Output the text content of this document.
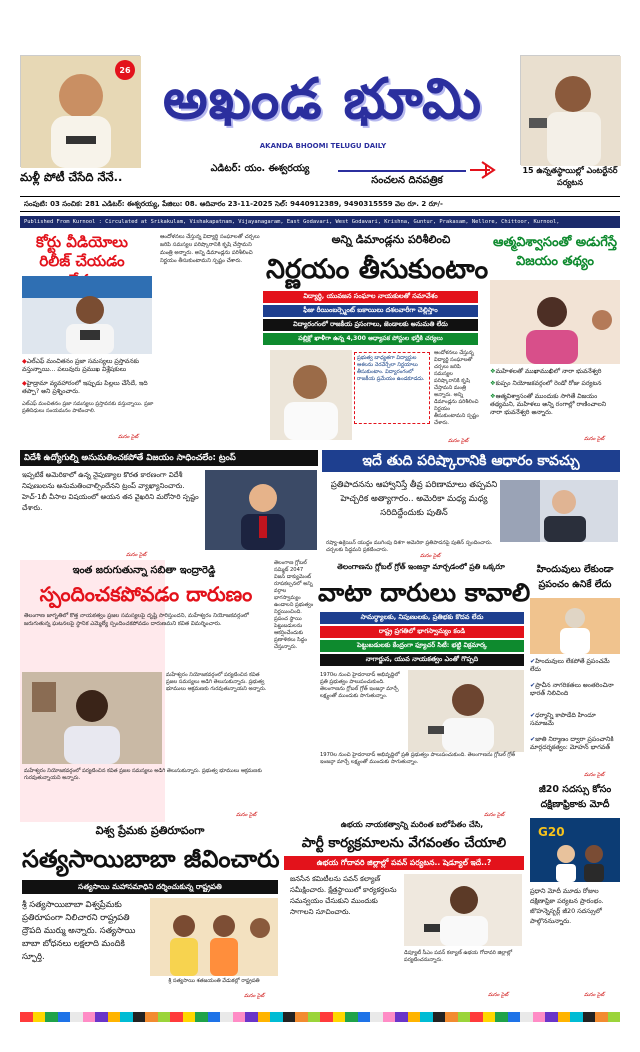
26
మళ్లీ పోటీ చేసేది నేనే..
అఖండ భూమి
AKANDA BHOOMI TELUGU DAILY
ఎడిటర్: యం. ఈశ్వరయ్య
సంచలన దినపత్రిక
15 ఉన్నతస్థాయిల్లో ఎంటర్టేనర్ పర్యటన
సంపుటి: 03 సంచిక: 281 ఎడిటర్: ఈశ్వరయ్య, పేజిలు: 08. ఆదివారం 23-11-2025 సెల్: 9440912389, 9490315559 వెల రూ. 2 రూ/-
Published From Kurnool : Circulated at Srikakulam, Vishakapatnam, Vijayanagaram, East Godavari, West Godavari, Krishna, Guntur, Prakasam, Nellore, Chittoor, Kurnool,
కోర్టు వీడియోలు రిలీజ్ చేయడం
◆ఎల్ఎఫ్ మంచితనం ప్రజా సమస్యలు ప్రస్తావనకు వస్తున్నాయి... పలువురు ప్రముఖ విశ్లేషకులు
◆హైడ్రామా వ్యవహారంలో ఇప్పుడు పిల్లలు చేసేదే, ఇది తప్పా? అని ప్రశ్నించారు.
ఎల్ఎఫ్ మంచితనం ప్రజా సమస్యలు ప్రస్తావనకు వస్తున్నాయి. ప్రజా ప్రతినిధులు సంయమనం పాటించాలి.
మనం సైట్
అన్ని డిమాండ్లను పరిశీలించి
నిర్ణయం తీసుకుంటాం
ఆందోళనలు చేస్తున్న విద్యార్థి సంఘాలతో చర్చలు జరిపి సమస్యల పరిష్కారానికి కృషి చేస్తామని మంత్రి అన్నారు. అన్ని డిమాండ్లను పరిశీలించి నిర్ణయం తీసుకుంటామని స్పష్టం చేశారు.
విద్యార్థి, యువజన సంఘాల నాయకులతో సమావేశం
ఫీజు రీయింబర్స్మెంట్ బకాయిలు దశలవారీగా చెల్లిస్తాం
విద్యారంగంలో రాజకీయ ప్రసంగాలు, జెండాలకు అనుమతి లేదు
పబ్లిక్లో ఖాళీగా ఉన్న 4,300 అధ్యాపక పోస్టుల భర్తీకి చర్యలు
ప్రభుత్వ బాధ్యతగా విద్యార్థుల ఆశలను నెరవేర్చేలా నిర్ణయాలు తీసుకుంటాం. విద్యారంగంలో రాజకీయ ప్రమేయం ఉండకూడదు.
ఆందోళనలు చేస్తున్న విద్యార్థి సంఘాలతో చర్చలు జరిపి సమస్యల పరిష్కారానికి కృషి చేస్తామని మంత్రి అన్నారు. అన్ని డిమాండ్లను పరిశీలించి నిర్ణయం తీసుకుంటామని స్పష్టం చేశారు.
మనం సైట్
ఆత్మవిశ్వాసంతో అడుగేస్తే విజయం తథ్యం
❖మహిళలతో ముఖాముఖిలో నారా భువనేశ్వరి
❖కుప్పం నియోజకవర్గంలో రెండో రోజు పర్యటన
❖ఆత్మవిశ్వాసంతో ముందుకు సాగితే విజయం తథ్యమని, మహిళలు అన్ని రంగాల్లో రాణించాలని నారా భువనేశ్వరి అన్నారు.
మనం సైట్
విదేశీ ఉద్యోగుల్ని అనుమతించకపోతే విజయం సాధించలేం: ట్రంప్
ఇప్పటికే అమెరికాలో ఉన్న నైపుణ్యాల కొరత కారణంగా విదేశీ నిపుణులను అనుమతించాల్సిందేనని ట్రంప్ వ్యాఖ్యానించారు. హెచ్-1బీ వీసాల విషయంలో ఆయన తన వైఖరిని మరోసారి స్పష్టం చేశారు.
మనం సైట్
ఇదే తుది పరిష్కారానికి ఆధారం కావచ్చు
ప్రతిపాదనను ఆహ్వానిస్తే తీవ్ర పరిణామాలు తప్పవని హెచ్చరిక అత్యాగారం.. అమెరికా మధ్య మధ్య సరిదిద్దేందుకు పుతిన్
రష్యా-ఉక్రెయిన్ యుద్ధం ముగింపు దిశగా అమెరికా ప్రతిపాదనపై పుతిన్ స్పందించారు. చర్చలకు సిద్ధమని ప్రకటించారు.
మనం సైట్
ఇంత జరుగుతున్నా సబితా ఇంద్రారెడ్డి
స్పందించకపోవడం దారుణం
తెలంగాణ జాగృతిలో కొత్త నాయకత్వం ప్రజల సమస్యలపై దృష్టి సారిస్తుందని, మహేశ్వరం నియోజకవర్గంలో జరుగుతున్న ఘటనలపై స్థానిక ఎమ్మెల్యే స్పందించకపోవడం దారుణమని కవిత విమర్శించారు.
మహేశ్వరం నియోజకవర్గంలో పర్యటించిన కవిత ప్రజల సమస్యలు అడిగి తెలుసుకున్నారు. ప్రభుత్వ భూములు ఆక్రమణకు గురవుతున్నాయని అన్నారు.
మహేశ్వరం నియోజకవర్గంలో పర్యటించిన కవిత ప్రజల సమస్యలు అడిగి తెలుసుకున్నారు. ప్రభుత్వ భూములు ఆక్రమణకు గురవుతున్నాయని అన్నారు.
మనం సైట్
తెలంగాణ గ్లోబల్ సమ్మిట్ 2047 విజన్ డాక్యుమెంట్ రూపకల్పనలో అన్ని వర్గాల భాగస్వామ్యం ఉండాలని ప్రభుత్వం నిర్ణయించింది. ప్రపంచ స్థాయి పెట్టుబడులను ఆకర్షించేందుకు ప్రణాళికలు సిద్ధం చేస్తున్నారు.
తెలంగాణను గ్లోబల్ గ్రోత్ ఇంజన్గా మార్చడంలో ప్రతి ఒక్కరూ
వాటా దారులు కావాలి
సామర్థ్యాలకు, నిపుణులకు, ప్రతిభకు కొదవ లేదు
రాష్ట్ర ప్రగతిలో భాగస్వామ్యం కండి
పెట్టుబడులకు కేంద్రంగా ఫ్యూచర్ సిటీ: భట్టి విక్రమార్క
నాగార్జున, యువ నాయకత్వం ఎంతో గొప్పది
1970ల నుంచి హైదరాబాద్ అభివృద్ధిలో ప్రతి ప్రభుత్వం పాలుపంచుకుంది. తెలంగాణను గ్లోబల్ గ్రోత్ ఇంజన్గా మార్చే లక్ష్యంతో ముందుకు సాగుతున్నాం.
1970ల నుంచి హైదరాబాద్ అభివృద్ధిలో ప్రతి ప్రభుత్వం పాలుపంచుకుంది. తెలంగాణను గ్లోబల్ గ్రోత్ ఇంజన్గా మార్చే లక్ష్యంతో ముందుకు సాగుతున్నాం.
మనం సైట్
హిందువులు లేకుండా ప్రపంచం ఉనికే లేదు
✔హిందువులు లేకపోతే ప్రపంచమే లేదు
✔ప్రాచీన నాగరికతలు అంతరించినా భారత్ నిలిచింది
✔ధర్మాన్ని కాపాడేది హిందూ సమాజమే
✔జాతి నిర్మాణం ద్వారా ప్రపంచానికి మార్గదర్శకత్వం: మోహన్ భాగవత్
మనం సైట్
జీ20 సదస్సు కోసం దక్షిణాఫ్రికాకు మోదీ
విశ్వ ప్రేమకు ప్రతిరూపంగా
సత్యసాయిబాబా జీవించారు
సత్యసాయి మహాసమాధిని దర్శించుకున్న రాష్ట్రపతి
శ్రీ సత్యసాయిబాబా విశ్వప్రేమకు ప్రతిరూపంగా నిలిచారని రాష్ట్రపతి ద్రౌపది ముర్ము అన్నారు. సత్యసాయి బాబా బోధనలు లక్షలాది మందికి స్ఫూర్తి.
శ్రీ సత్యసాయి శతజయంతి వేడుకల్లో రాష్ట్రపతి
మనం సైట్
ఉభయ నాయకత్వాన్ని మరింత బలోపేతం చేసి,
పార్టీ కార్యక్రమాలను వేగవంతం చేయాలి
ఉభయ గోదావరి జిల్లాల్లో పవన్ పర్యటన.. షెడ్యూల్ ఇదే..?
జనసేన కమిటీలను పవన్ కల్యాణ్ సమీక్షించారు. క్షేత్రస్థాయిలో కార్యకర్తలను సమన్వయం చేసుకుని ముందుకు సాగాలని సూచించారు.
డిప్యూటీ సీఎం పవన్ కల్యాణ్ ఉభయ గోదావరి జిల్లాల్లో పర్యటించనున్నారు.
మనం సైట్
G20
ప్రధాని మోదీ మూడు రోజుల దక్షిణాఫ్రికా పర్యటన ప్రారంభం. జొహన్నెస్బర్గ్ జీ20 సదస్సులో పాల్గొననున్నారు.
మనం సైట్
